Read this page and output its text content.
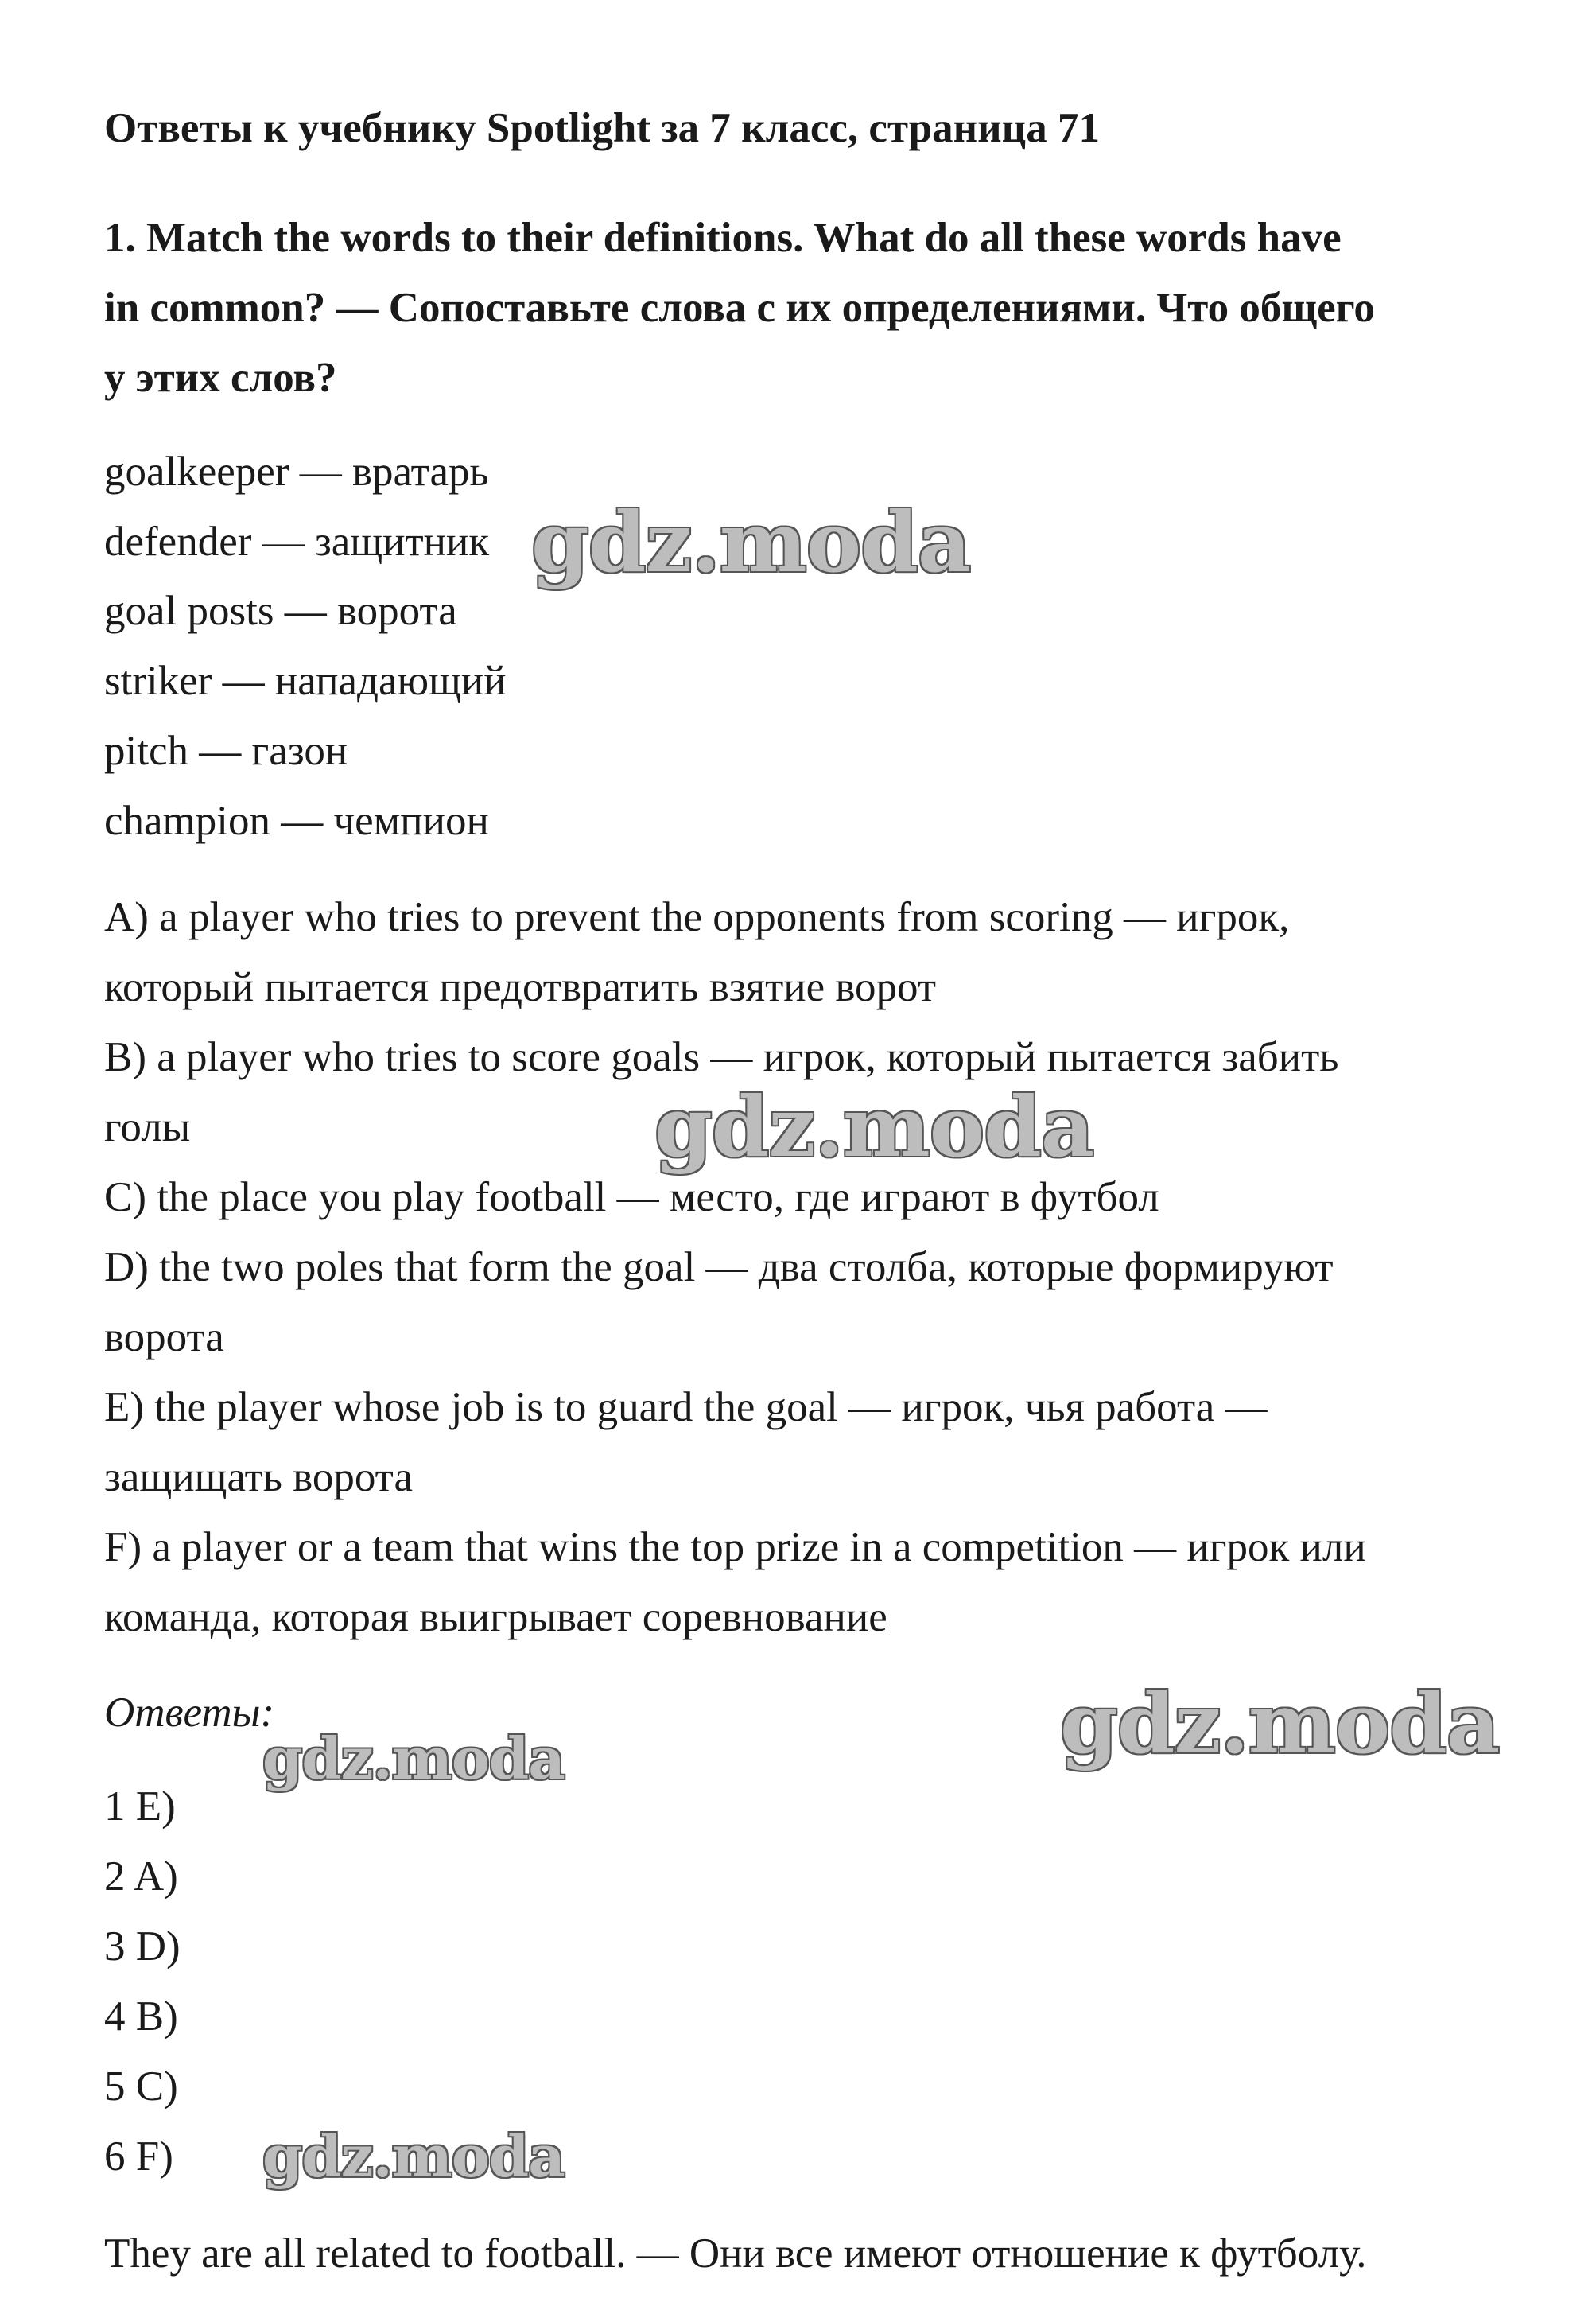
Ответы к учебнику Spotlight за 7 класс, страница 71
1. Match the words to their definitions. What do all these words have
in common? — Сопоставьте слова с их определениями. Что общего
у этих слов?
goalkeeper — вратарь
defender — защитник
goal posts — ворота
striker — нападающий
pitch — газон
champion — чемпион
A) a player who tries to prevent the opponents from scoring — игрок,
который пытается предотвратить взятие ворот
B) a player who tries to score goals — игрок, который пытается забить
голы
C) the place you play football — место, где играют в футбол
D) the two poles that form the goal — два столба, которые формируют
ворота
E) the player whose job is to guard the goal — игрок, чья работа —
защищать ворота
F) a player or a team that wins the top prize in a competition — игрок или
команда, которая выигрывает соревнование
Ответы:
1 E)
2 A)
3 D)
4 B)
5 C)
6 F)
They are all related to football. — Они все имеют отношение к футболу.
gdz.moda
gdz.moda
gdz.moda
gdz.moda
gdz.moda
